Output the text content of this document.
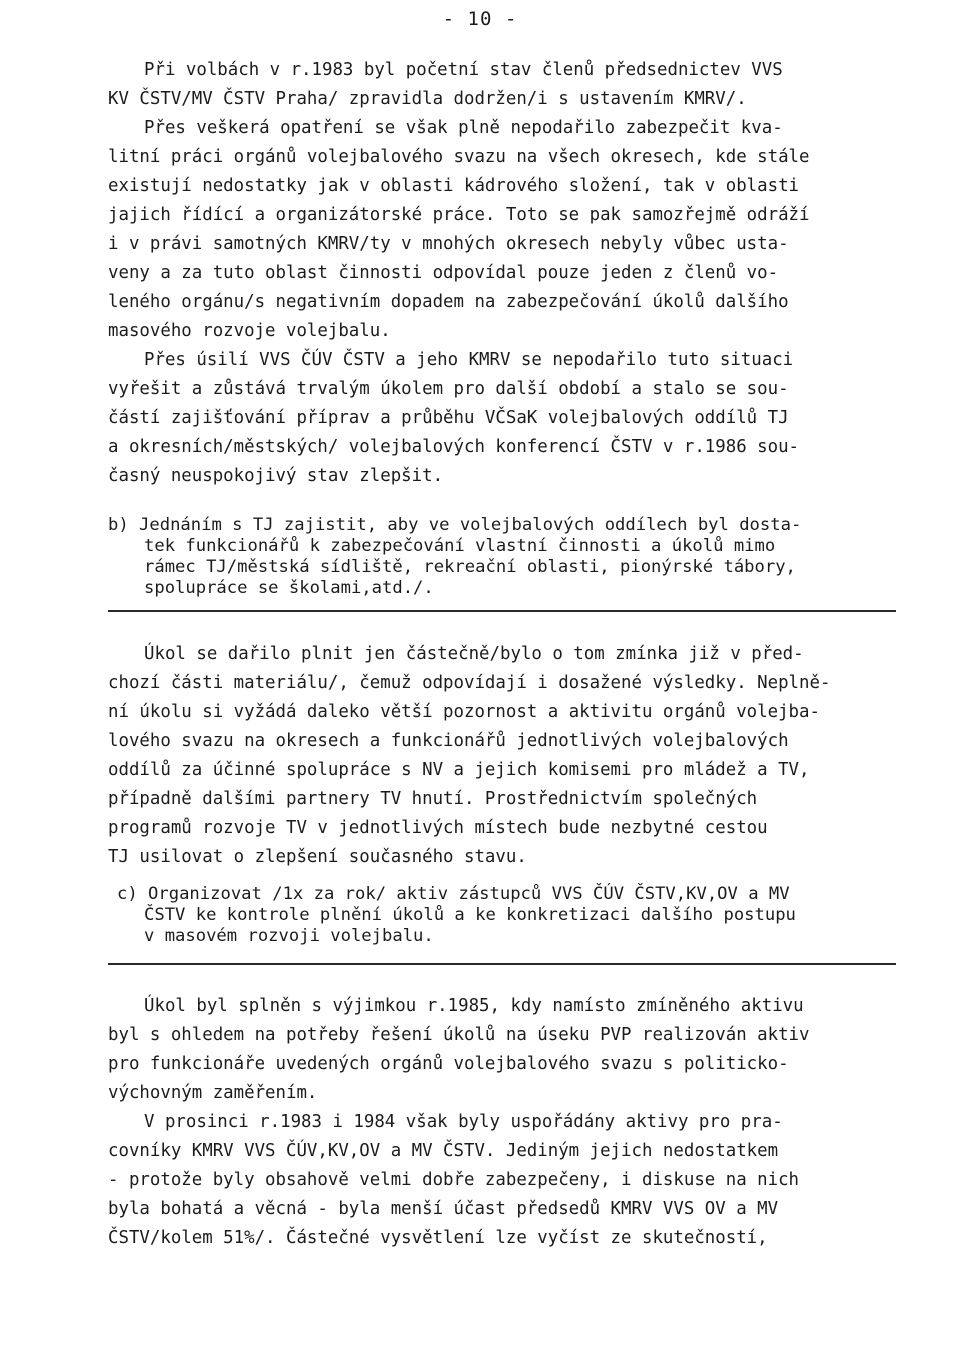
- 10 -
Při volbách v r.1983 byl početní stav členů předsednictev VVS
KV ČSTV/MV ČSTV Praha/ zpravidla dodržen/i s ustavením KMRV/.
Přes veškerá opatření se však plně nepodařilo zabezpečit kva-
litní práci orgánů volejbalového svazu na všech okresech, kde stále
existují nedostatky jak v oblasti kádrového složení, tak v oblasti
jajich řídící a organizátorské práce. Toto se pak samozřejmě odráží
i v právi samotných KMRV/ty v mnohých okresech nebyly vůbec usta-
veny a za tuto oblast činnosti odpovídal pouze jeden z členů vo-
leného orgánu/s negativním dopadem na zabezpečování úkolů dalšího
masového rozvoje volejbalu.
Přes úsilí VVS ČÚV ČSTV a jeho KMRV se nepodařilo tuto situaci
vyřešit a zůstává trvalým úkolem pro další období a stalo se sou-
částí zajišťování příprav a průběhu VČSaK volejbalových oddílů TJ
a okresních/městských/ volejbalových konferencí ČSTV v r.1986 sou-
časný neuspokojivý stav zlepšit.
b) Jednáním s TJ zajistit, aby ve volejbalových oddílech byl dosta-
tek funkcionářů k zabezpečování vlastní činnosti a úkolů mimo
rámec TJ/městská sídliště, rekreační oblasti, pionýrské tábory,
spolupráce se školami,atd./.
Úkol se dařilo plnit jen částečně/bylo o tom zmínka již v před-
chozí části materiálu/, čemuž odpovídají i dosažené výsledky. Neplně-
ní úkolu si vyžádá daleko větší pozornost a aktivitu orgánů volejba-
lového svazu na okresech a funkcionářů jednotlivých volejbalových
oddílů za účinné spolupráce s NV a jejich komisemi pro mládež a TV,
případně dalšími partnery TV hnutí. Prostřednictvím společných
programů rozvoje TV v jednotlivých místech bude nezbytné cestou
TJ usilovat o zlepšení současného stavu.
c) Organizovat /1x za rok/ aktiv zástupců VVS ČÚV ČSTV,KV,OV a MV
ČSTV ke kontrole plnění úkolů a ke konkretizaci dalšího postupu
v masovém rozvoji volejbalu.
Úkol byl splněn s výjimkou r.1985, kdy namísto zmíněného aktivu
byl s ohledem na potřeby řešení úkolů na úseku PVP realizován aktiv
pro funkcionáře uvedených orgánů volejbalového svazu s politicko-
výchovným zaměřením.
V prosinci r.1983 i 1984 však byly uspořádány aktivy pro pra-
covníky KMRV VVS ČÚV,KV,OV a MV ČSTV. Jediným jejich nedostatkem
- protože byly obsahově velmi dobře zabezpečeny, i diskuse na nich
byla bohatá a věcná - byla menší účast předsedů KMRV VVS OV a MV
ČSTV/kolem 51%/. Částečné vysvětlení lze vyčíst ze skutečností,
